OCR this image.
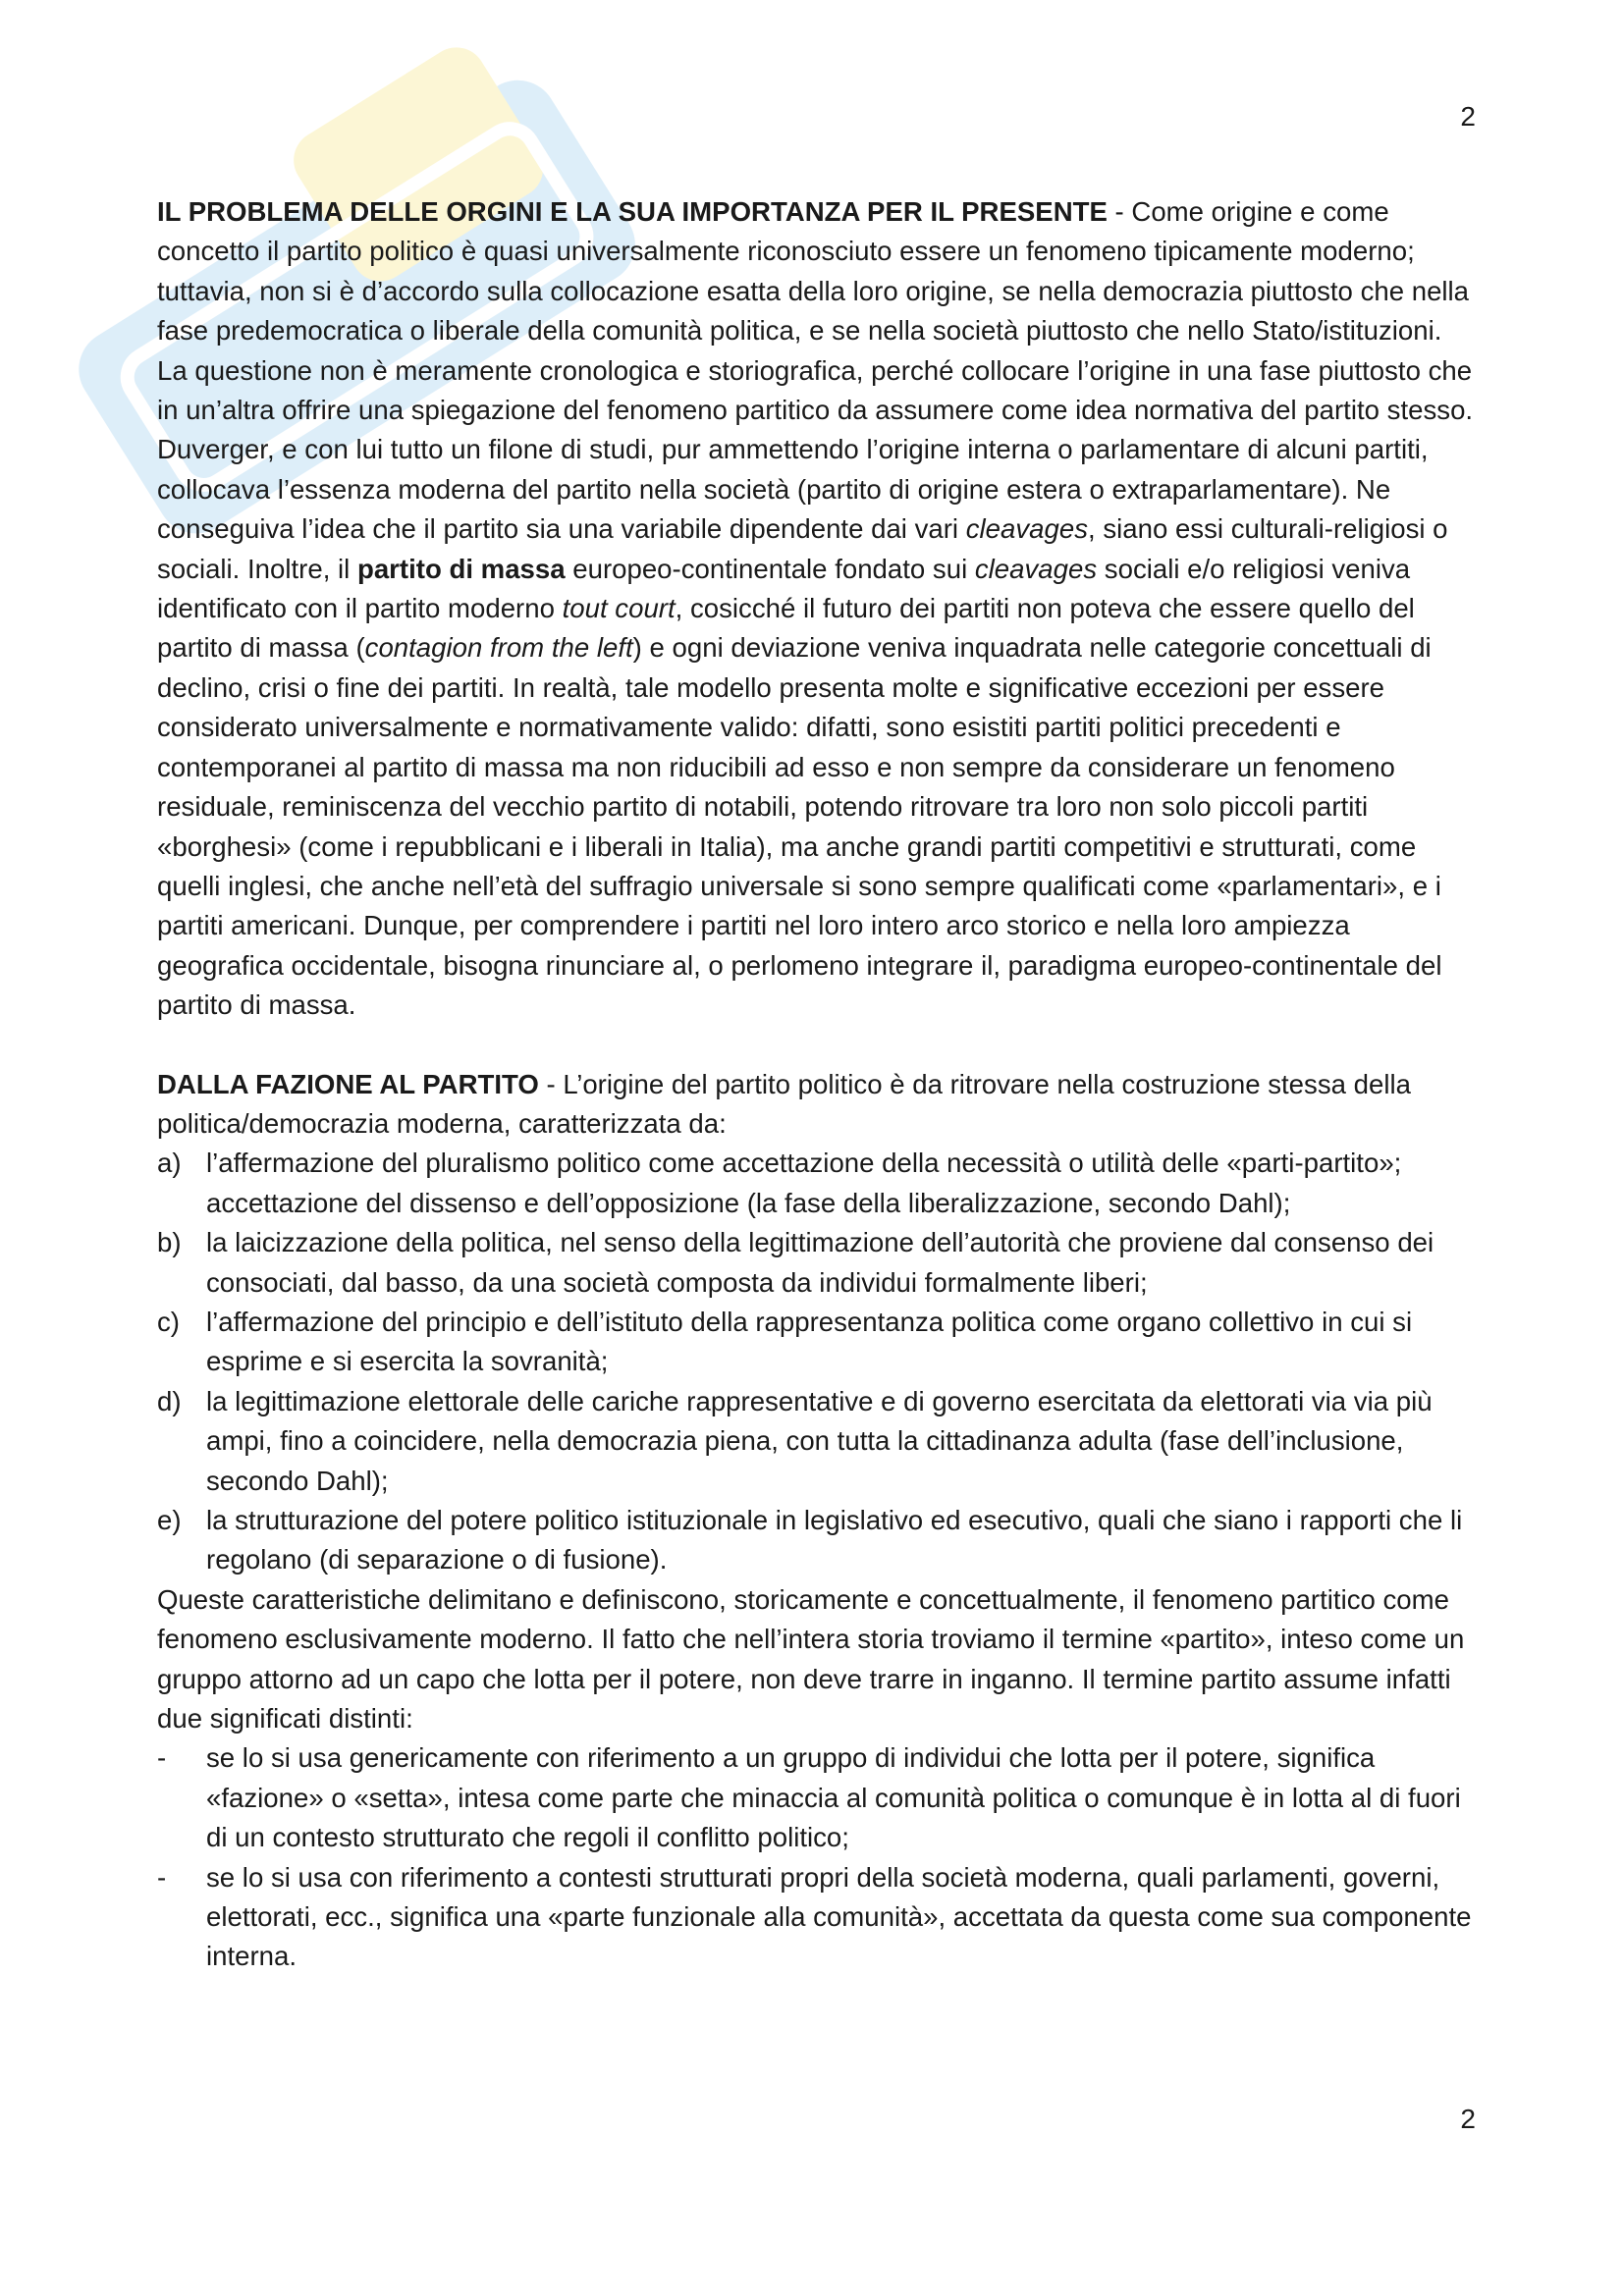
2

IL PROBLEMA DELLE ORGINI E LA SUA IMPORTANZA PER IL PRESENTE - Come origine e come concetto il partito politico è quasi universalmente riconosciuto essere un fenomeno tipicamente moderno; tuttavia, non si è d’accordo sulla collocazione esatta della loro origine, se nella democrazia piuttosto che nella fase predemocratica o liberale della comunità politica, e se nella società piuttosto che nello Stato/istituzioni. La questione non è meramente cronologica e storiografica, perché collocare l’origine in una fase piuttosto che in un’altra offrire una spiegazione del fenomeno partitico da assumere come idea normativa del partito stesso.

Duverger, e con lui tutto un filone di studi, pur ammettendo l’origine interna o parlamentare di alcuni partiti, collocava l’essenza moderna del partito nella società (partito di origine estera o extraparlamentare). Ne conseguiva l’idea che il partito sia una variabile dipendente dai vari cleavages, siano essi culturali-religiosi o sociali. Inoltre, il partito di massa europeo-continentale fondato sui cleavages sociali e/o religiosi veniva identificato con il partito moderno tout court, cosicché il futuro dei partiti non poteva che essere quello del partito di massa (contagion from the left) e ogni deviazione veniva inquadrata nelle categorie concettuali di declino, crisi o fine dei partiti. In realtà, tale modello presenta molte e significative eccezioni per essere considerato universalmente e normativamente valido: difatti, sono esistiti partiti politici precedenti e contemporanei al partito di massa ma non riducibili ad esso e non sempre da considerare un fenomeno residuale, reminiscenza del vecchio partito di notabili, potendo ritrovare tra loro non solo piccoli partiti «borghesi» (come i repubblicani e i liberali in Italia), ma anche grandi partiti competitivi e strutturati, come quelli inglesi, che anche nell’età del suffragio universale si sono sempre qualificati come «parlamentari», e i partiti americani. Dunque, per comprendere i partiti nel loro intero arco storico e nella loro ampiezza geografica occidentale, bisogna rinunciare al, o perlomeno integrare il, paradigma europeo-continentale del partito di massa.

DALLA FAZIONE AL PARTITO - L’origine del partito politico è da ritrovare nella costruzione stessa della politica/democrazia moderna, caratterizzata da:

a) l’affermazione del pluralismo politico come accettazione della necessità o utilità delle «parti-partito»; accettazione del dissenso e dell’opposizione (la fase della liberalizzazione, secondo Dahl);
b) la laicizzazione della politica, nel senso della legittimazione dell’autorità che proviene dal consenso dei consociati, dal basso, da una società composta da individui formalmente liberi;
c) l’affermazione del principio e dell’istituto della rappresentanza politica come organo collettivo in cui si esprime e si esercita la sovranità;
d) la legittimazione elettorale delle cariche rappresentative e di governo esercitata da elettorati via via più ampi, fino a coincidere, nella democrazia piena, con tutta la cittadinanza adulta (fase dell’inclusione, secondo Dahl);
e) la strutturazione del potere politico istituzionale in legislativo ed esecutivo, quali che siano i rapporti che li regolano (di separazione o di fusione).

Queste caratteristiche delimitano e definiscono, storicamente e concettualmente, il fenomeno partitico come fenomeno esclusivamente moderno. Il fatto che nell’intera storia troviamo il termine «partito», inteso come un gruppo attorno ad un capo che lotta per il potere, non deve trarre in inganno. Il termine partito assume infatti due significati distinti:

- se lo si usa genericamente con riferimento a un gruppo di individui che lotta per il potere, significa «fazione» o «setta», intesa come parte che minaccia al comunità politica o comunque è in lotta al di fuori di un contesto strutturato che regoli il conflitto politico;
- se lo si usa con riferimento a contesti strutturati propri della società moderna, quali parlamenti, governi, elettorati, ecc., significa una «parte funzionale alla comunità», accettata da questa come sua componente interna.
2
